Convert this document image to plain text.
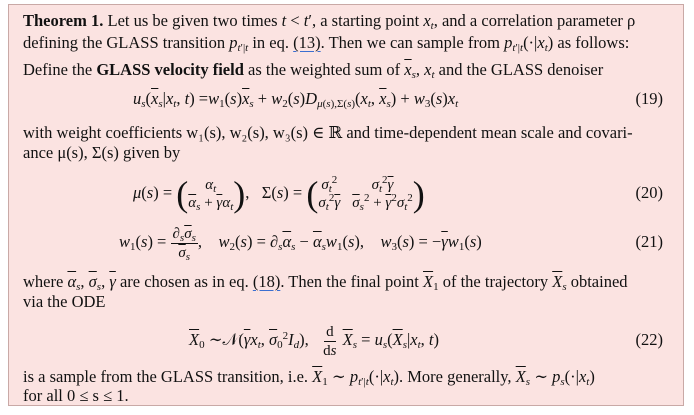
Theorem 1. Let us be given two times t < t′, a starting point $x_t$, and a correlation parameter ρ
defining the GLASS transition $p_{t'|t}$ in eq. (13). Then we can sample from $p_{t'|t}(\cdot|x_t)$ as follows:
Define the GLASS velocity field as the weighted sum of $\overline{x}_s$, $x_t$ and the GLASS denoiser
$u_s(\overline{x}_s|x_t$, $t) =w_1(s)\overline{x}_s + w_2(s)D_{\mu(s),\Sigma(s)}(x_t$, $\overline{x}_s) + w_3(s)x_t$	(19)
with weight coefficients w₁(s), w₂(s), w₃(s) ∈ ℝ and time-dependent mean scale and covari-
ance μ(s), Σ(s) given by
μ(s) = (	$\alpha_t$
$\overline{\alpha}_s + \overline{\gamma}\alpha_t$ ),   Σ(s) = ( $\sigma_t^2$	$\sigma_t^2\overline{\gamma}$
$\sigma_t^2\overline{\gamma}$ $\overline{\sigma}_s^2 + \overline{\gamma}^2\sigma_t^2$ )	(20)
$w_1(s) = \frac{\partial_s\overline{\sigma}_s}{\overline{\sigma}_s}$ ,    $w_2(s) = \partial_s\overline{\alpha}_s - \overline{\alpha}_sw_1(s)$,    $w_3(s) = -\overline{\gamma}w_1(s)$	(21)
where $\overline{\alpha}_s$, $\overline{\sigma}_s$, $\overline{\gamma}$ are chosen as in eq. (18). Then the final point $\overline{X}_1$ of the trajectory $\overline{X}_s$ obtained
via the ODE
$\overline{X}_0$ $\sim 𝒩(\overline{\gamma}x_t$, $\overline{\sigma}_0^2I_d$), $\frac{d}{ds} \overline{X}_s = u_s(\overline{X}_s|x_t$, t)	(22)
is a sample from the GLASS transition, i.e. $\overline{X}_1$ ∼ $p_{t'|t}(\cdot|x_t)$. More generally, $\overline{X}_s$ ∼ $p_s(\cdot|x_t)$
for all 0 ≤ s ≤ 1.
